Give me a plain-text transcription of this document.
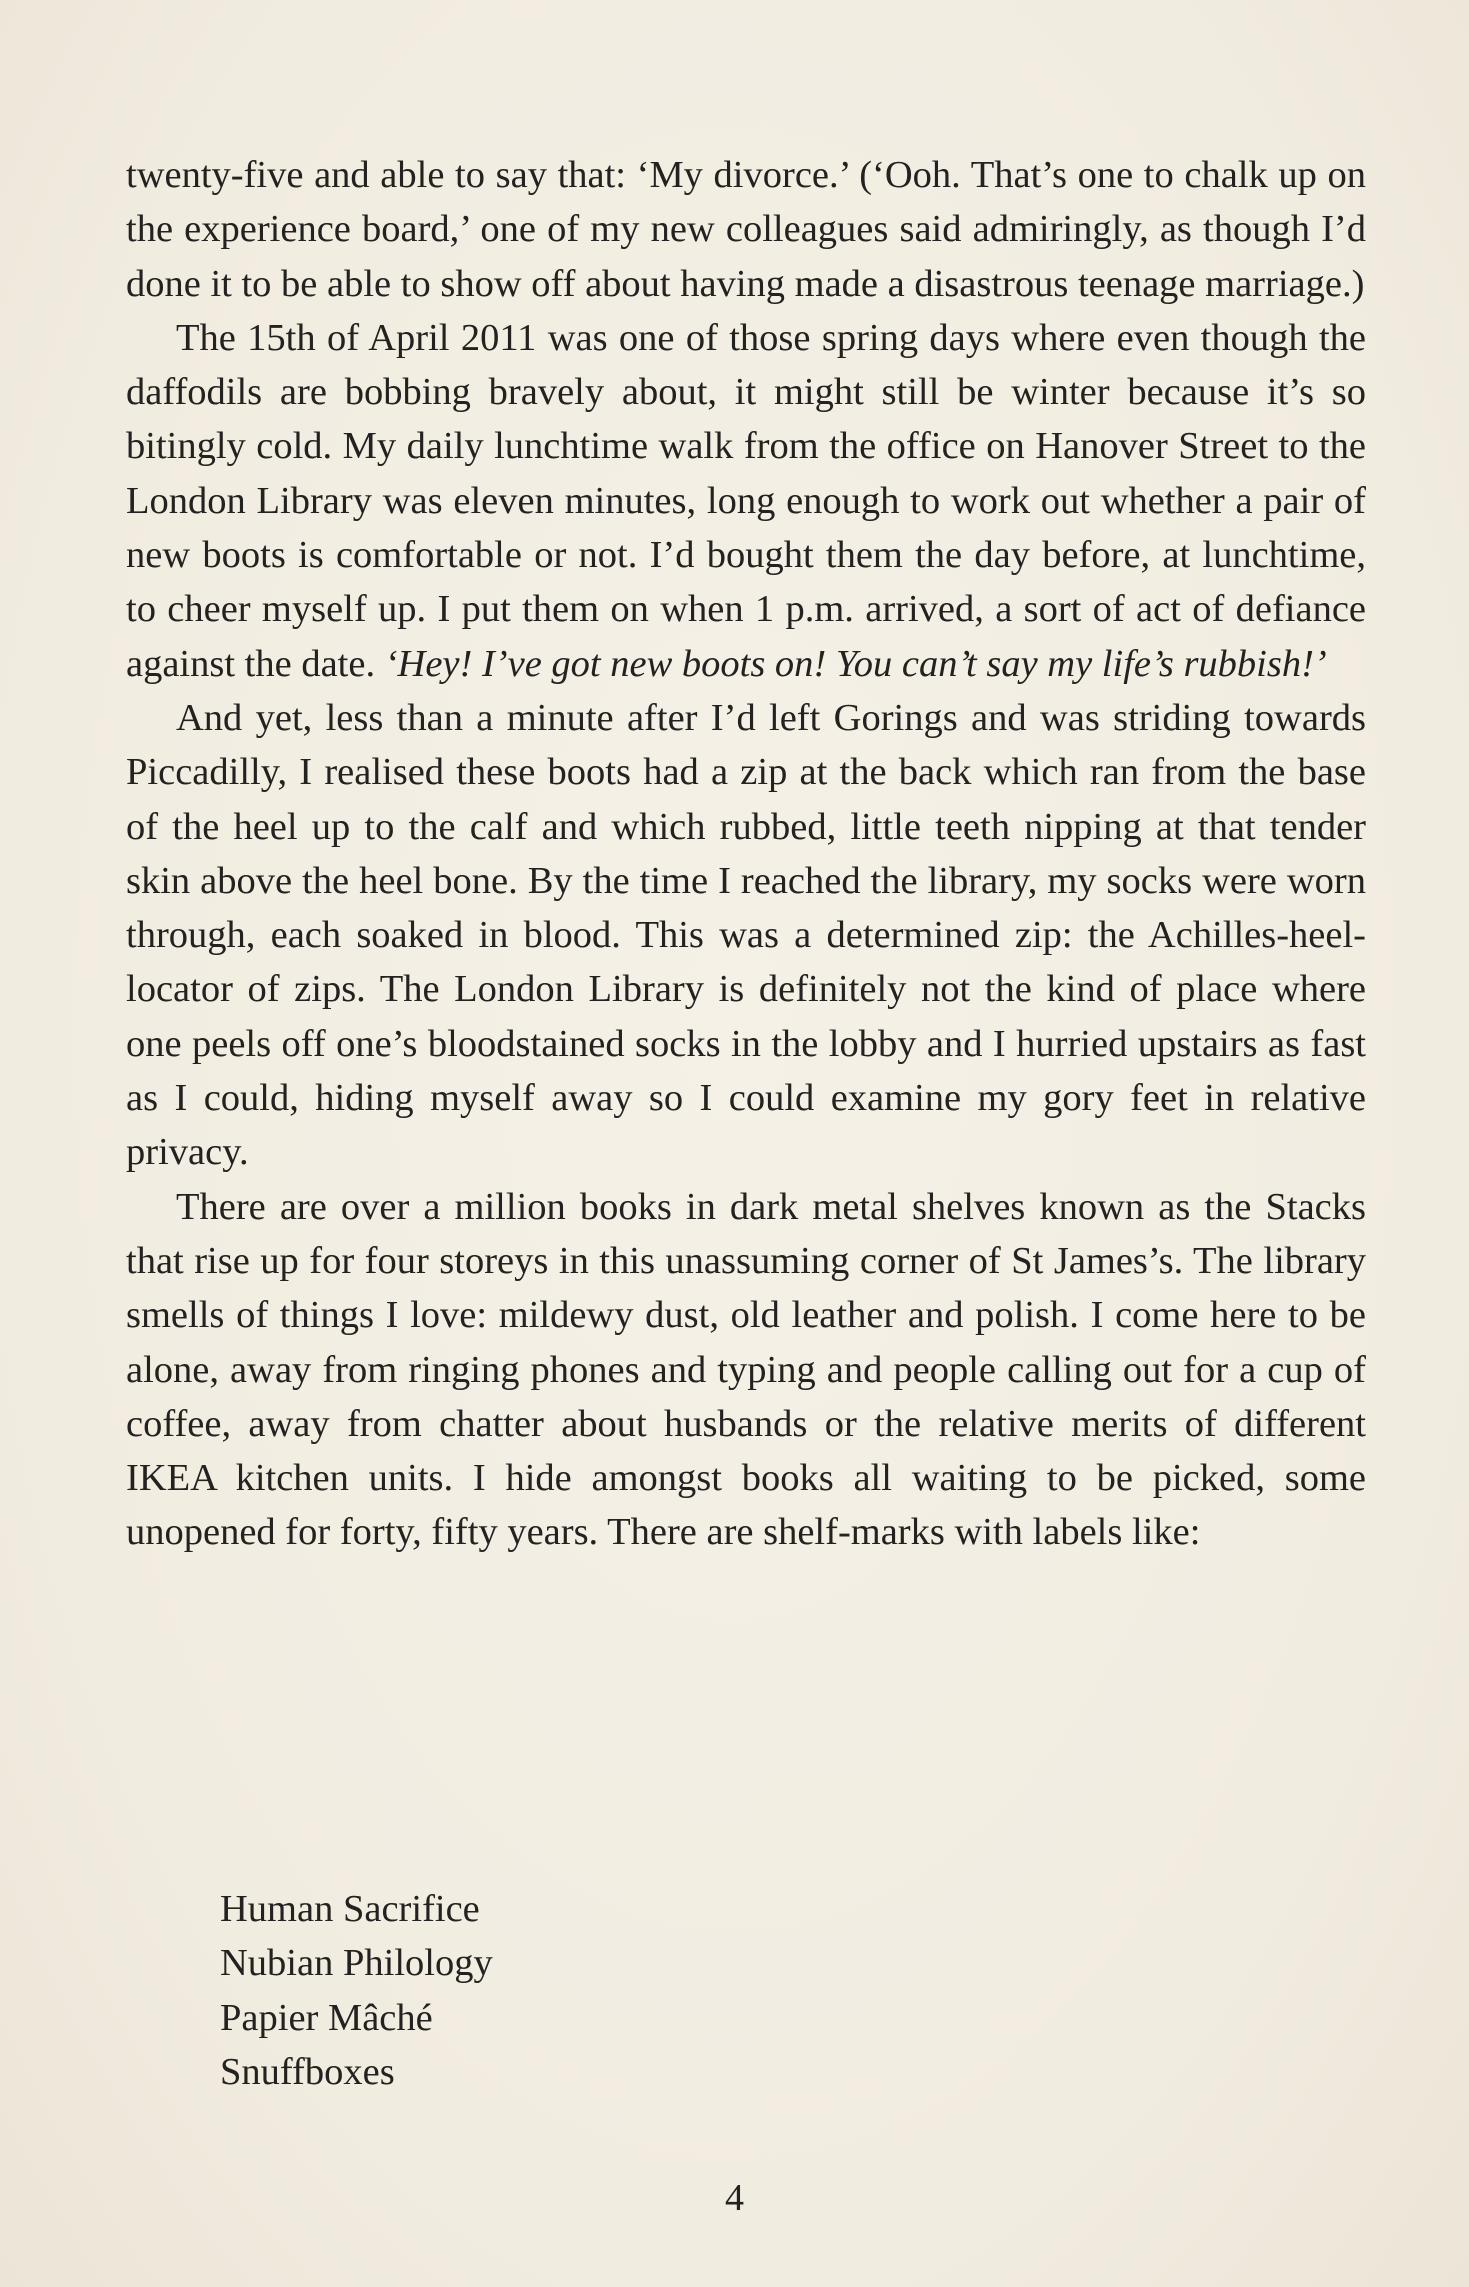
twenty-five and able to say that: ‘My divorce.’ (‘Ooh. That’s one to chalk up on the experience board,’ one of my new colleagues said admiringly, as though I’d done it to be able to show off about having made a disastrous teenage marriage.)

The 15th of April 2011 was one of those spring days where even though the daffodils are bobbing bravely about, it might still be winter because it’s so bitingly cold. My daily lunchtime walk from the office on Hanover Street to the London Library was eleven minutes, long enough to work out whether a pair of new boots is comfortable or not. I’d bought them the day before, at lunchtime, to cheer myself up. I put them on when 1 p.m. arrived, a sort of act of defiance against the date. ‘Hey! I’ve got new boots on! You can’t say my life’s rubbish!’

And yet, less than a minute after I’d left Gorings and was striding towards Piccadilly, I realised these boots had a zip at the back which ran from the base of the heel up to the calf and which rubbed, little teeth nipping at that tender skin above the heel bone. By the time I reached the library, my socks were worn through, each soaked in blood. This was a determined zip: the Achilles-heel-locator of zips. The London Library is definitely not the kind of place where one peels off one’s bloodstained socks in the lobby and I hurried upstairs as fast as I could, hiding myself away so I could examine my gory feet in relative privacy.

There are over a million books in dark metal shelves known as the Stacks that rise up for four storeys in this unassuming corner of St James’s. The library smells of things I love: mildewy dust, old leather and polish. I come here to be alone, away from ringing phones and typing and people calling out for a cup of coffee, away from chatter about husbands or the relative merits of different IKEA kitchen units. I hide amongst books all waiting to be picked, some unopened for forty, fifty years. There are shelf-marks with labels like:

Human Sacrifice
Nubian Philology
Papier Mâché
Snuffboxes
4
